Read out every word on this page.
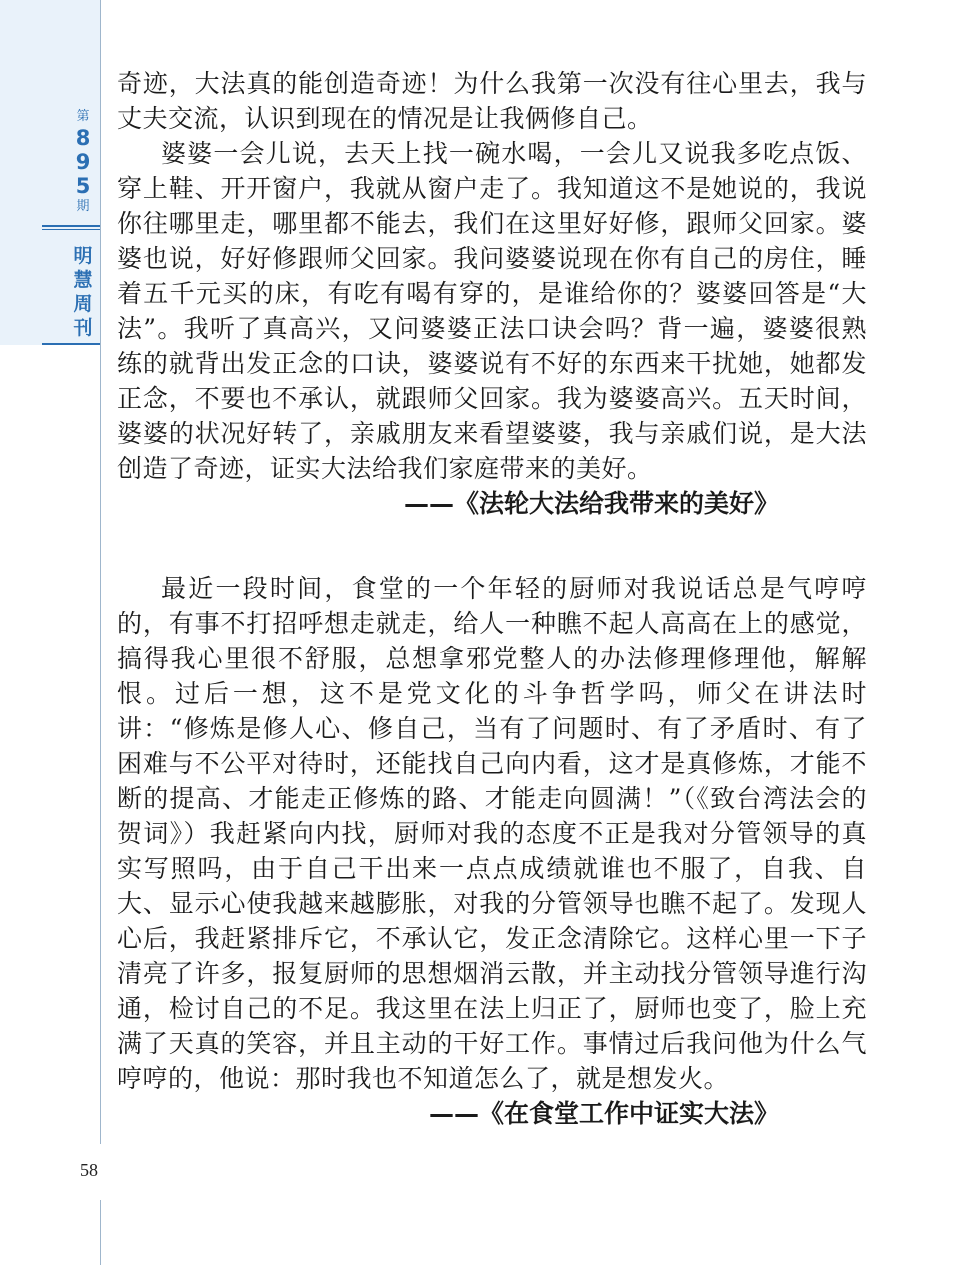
第
8
9
5
期
明
慧
周
刊

奇迹，大法真的能创造奇迹！为什么我第一次没有往心里去，我与丈夫交流，认识到现在的情况是让我俩修自己。

婆婆一会儿说，去天上找一碗水喝，一会儿又说我多吃点饭、穿上鞋、开开窗户，我就从窗户走了。我知道这不是她说的，我说你往哪里走，哪里都不能去，我们在这里好好修，跟师父回家。婆婆也说，好好修跟师父回家。我问婆婆说现在你有自己的房住，睡着五千元买的床，有吃有喝有穿的，是谁给你的？婆婆回答是“大法”。我听了真高兴，又问婆婆正法口诀会吗？背一遍，婆婆很熟练的就背出发正念的口诀，婆婆说有不好的东西来干扰她，她都发正念，不要也不承认，就跟师父回家。我为婆婆高兴。五天时间，婆婆的状况好转了，亲戚朋友来看望婆婆，我与亲戚们说，是大法创造了奇迹，证实大法给我们家庭带来的美好。

——《法轮大法给我带来的美好》

最近一段时间，食堂的一个年轻的厨师对我说话总是气哼哼的，有事不打招呼想走就走，给人一种瞧不起人高高在上的感觉，搞得我心里很不舒服，总想拿邪党整人的办法修理修理他，解解恨。过后一想，这不是党文化的斗争哲学吗，师父在讲法时讲：“修炼是修人心、修自己，当有了问题时、有了矛盾时、有了困难与不公平对待时，还能找自己向内看，这才是真修炼，才能不断的提高、才能走正修炼的路、才能走向圆满！”（《致台湾法会的贺词》）我赶紧向内找，厨师对我的态度不正是我对分管领导的真实写照吗，由于自己干出来一点点成绩就谁也不服了，自我、自大、显示心使我越来越膨胀，对我的分管领导也瞧不起了。发现人心后，我赶紧排斥它，不承认它，发正念清除它。这样心里一下子清亮了许多，报复厨师的思想烟消云散，并主动找分管领导進行沟通，检讨自己的不足。我这里在法上归正了，厨师也变了，脸上充满了天真的笑容，并且主动的干好工作。事情过后我问他为什么气哼哼的，他说：那时我也不知道怎么了，就是想发火。

——《在食堂工作中证实大法》

58
